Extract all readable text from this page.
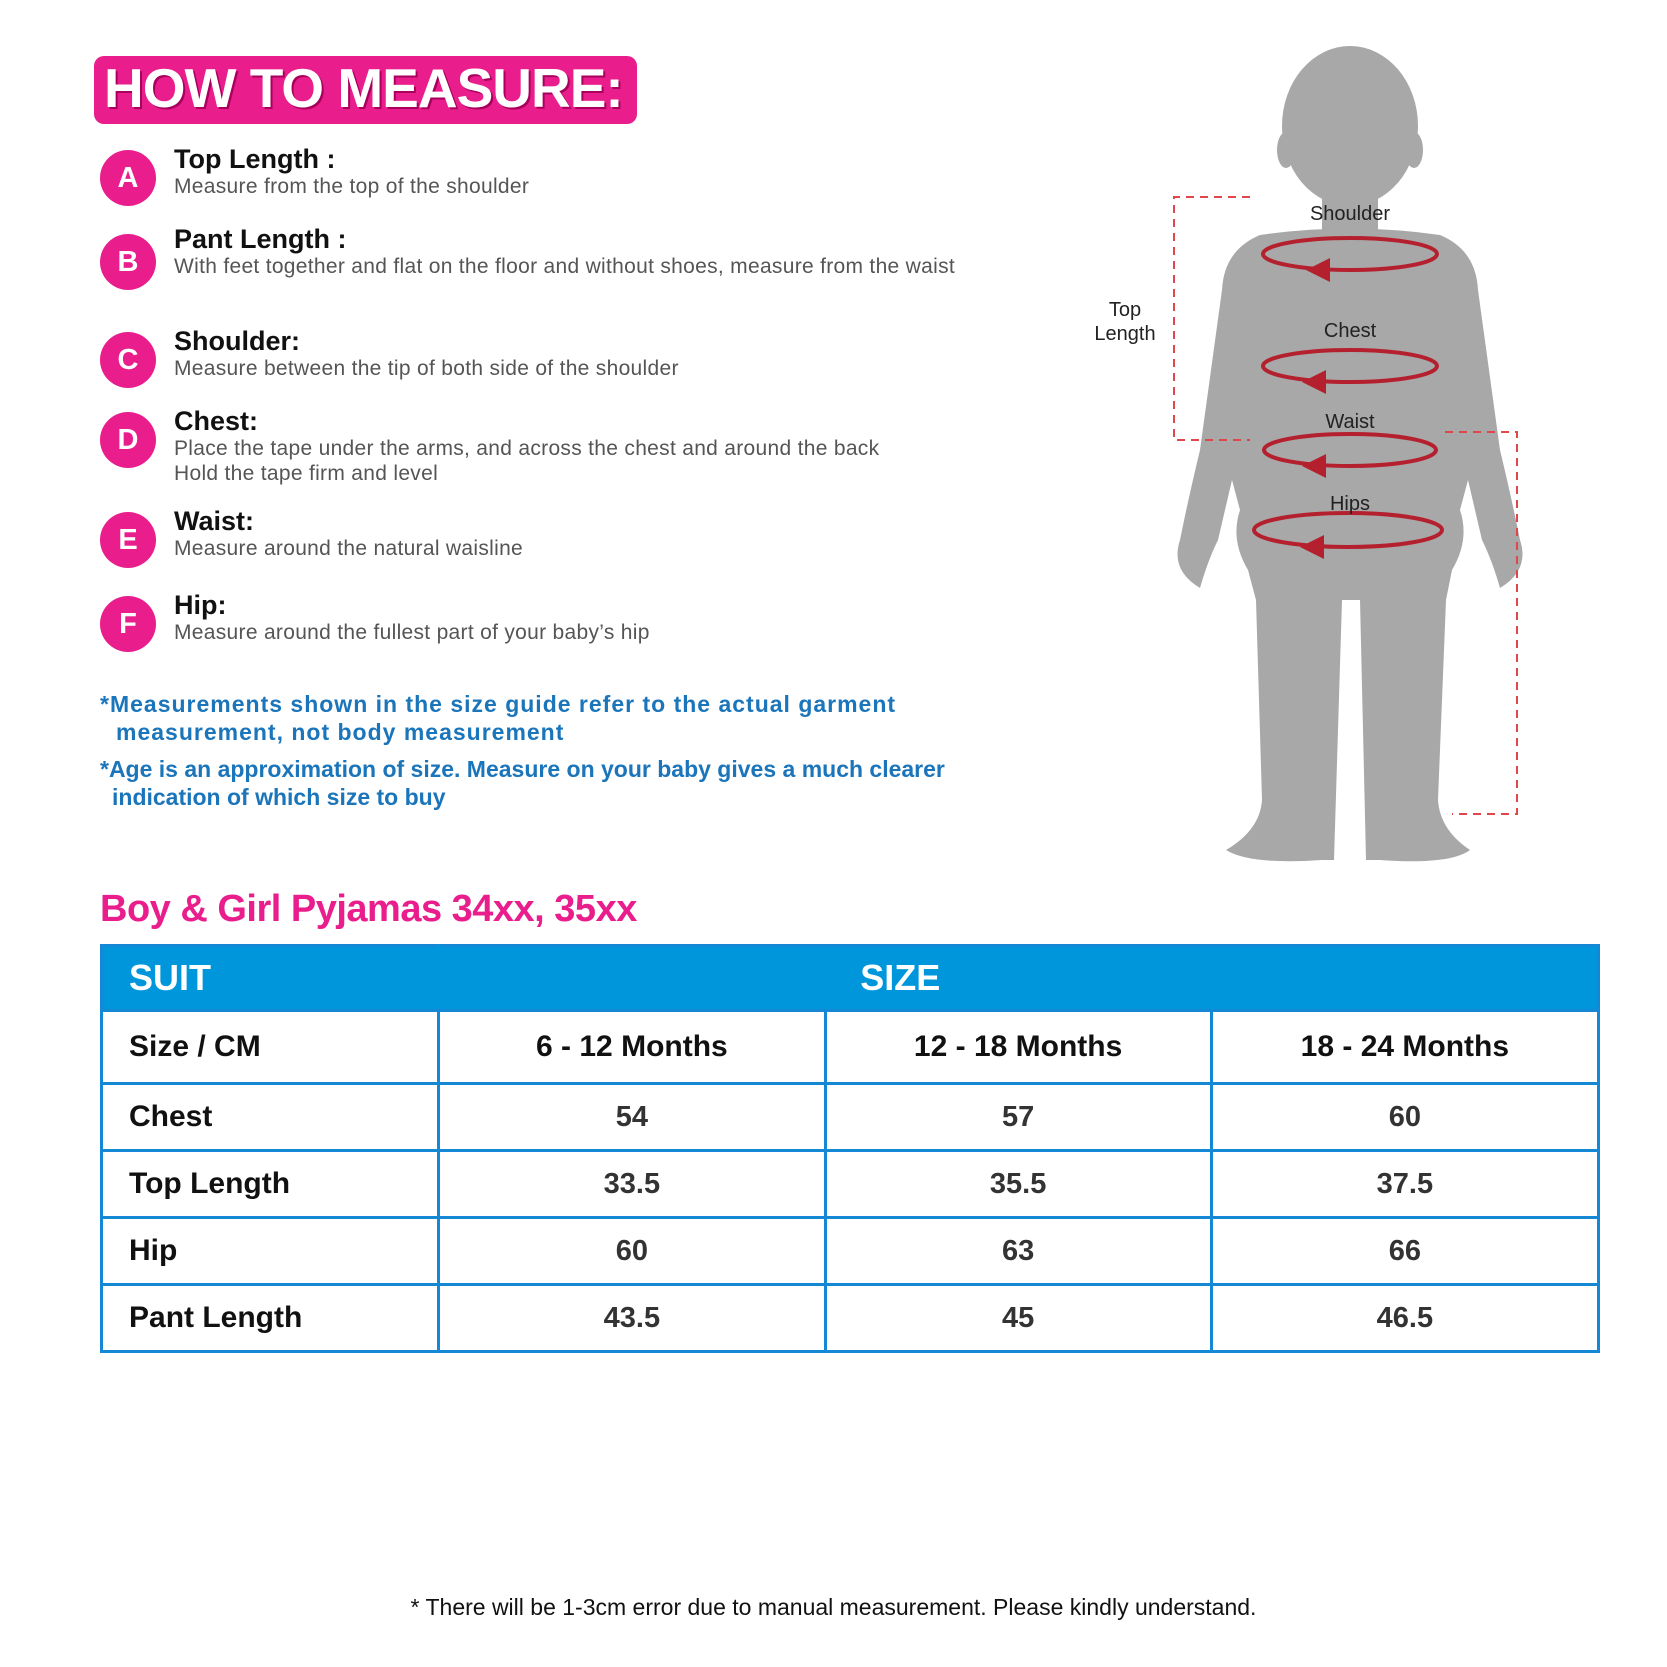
HOW TO MEASURE:
A
Top Length :
Measure from the top of the shoulder
B
Pant Length :
With feet together and flat on the floor and without shoes, measure from the waist
C
Shoulder:
Measure between the tip of both side of the shoulder
D
Chest:
Place the tape under the arms, and across the chest and around the back
Hold the tape firm and level
E
Waist:
Measure around the natural waisline
F
Hip:
Measure around the fullest part of your baby’s hip
*Measurements shown in the size guide refer to the actual garment
measurement, not body measurement
*Age is an approximation of size. Measure on your baby gives a much clearer
indication of which size to buy
Shoulder
Chest
Waist
Hips
Top
Length
Boy & Girl Pyjamas 34xx, 35xx
SUIT	SIZE		
Size / CM	6 - 12 Months	12 - 18 Months	18 - 24 Months
Chest	54	57	60
Top Length	33.5	35.5	37.5
Hip	60	63	66
Pant Length	43.5	45	46.5
* There will be 1-3cm error due to manual measurement. Please kindly understand.
